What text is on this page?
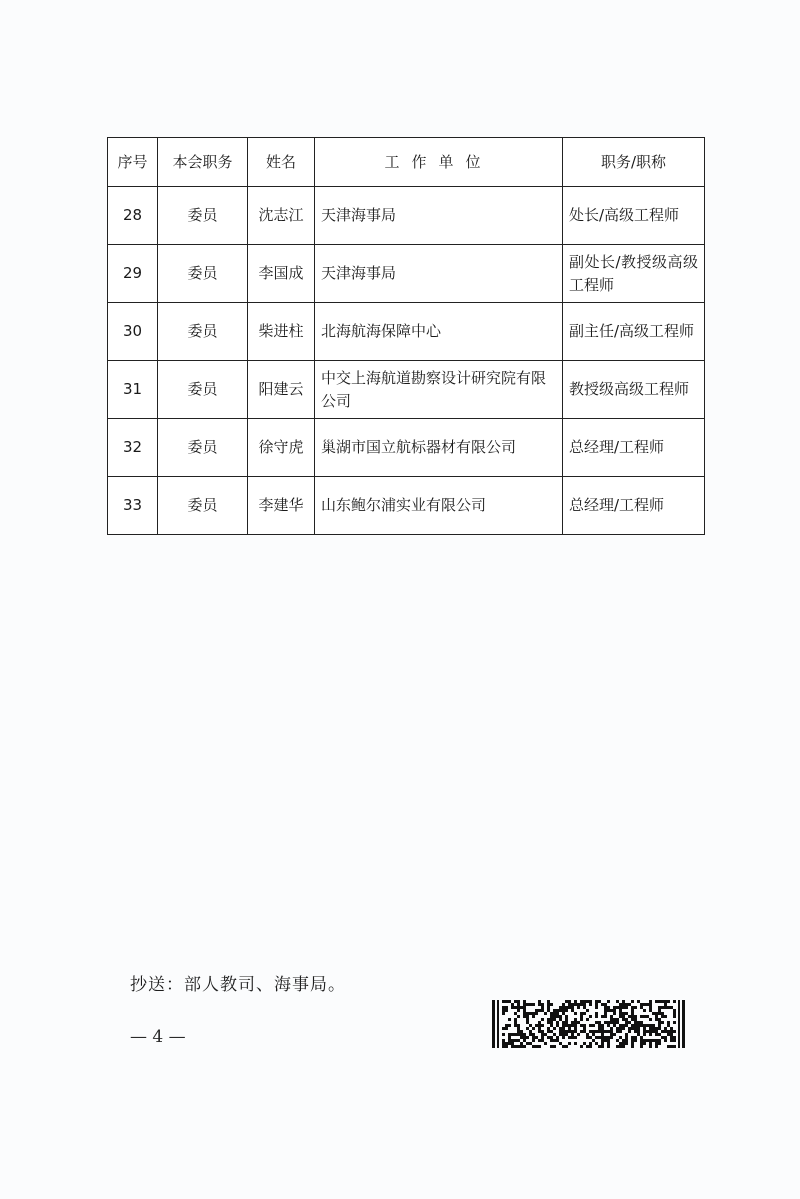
序号	本会职务	姓名	工作单位	职务/职称
28	委员	沈志江	天津海事局	处长/高级工程师
29	委员	李国成	天津海事局	副处长/教授级高级工程师
30	委员	柴进柱	北海航海保障中心	副主任/高级工程师
31	委员	阳建云	中交上海航道勘察设计研究院有限公司	教授级高级工程师
32	委员	徐守虎	巢湖市国立航标器材有限公司	总经理/工程师
33	委员	李建华	山东鲍尔浦实业有限公司	总经理/工程师
抄送：部人教司、海事局。
— 4 —
